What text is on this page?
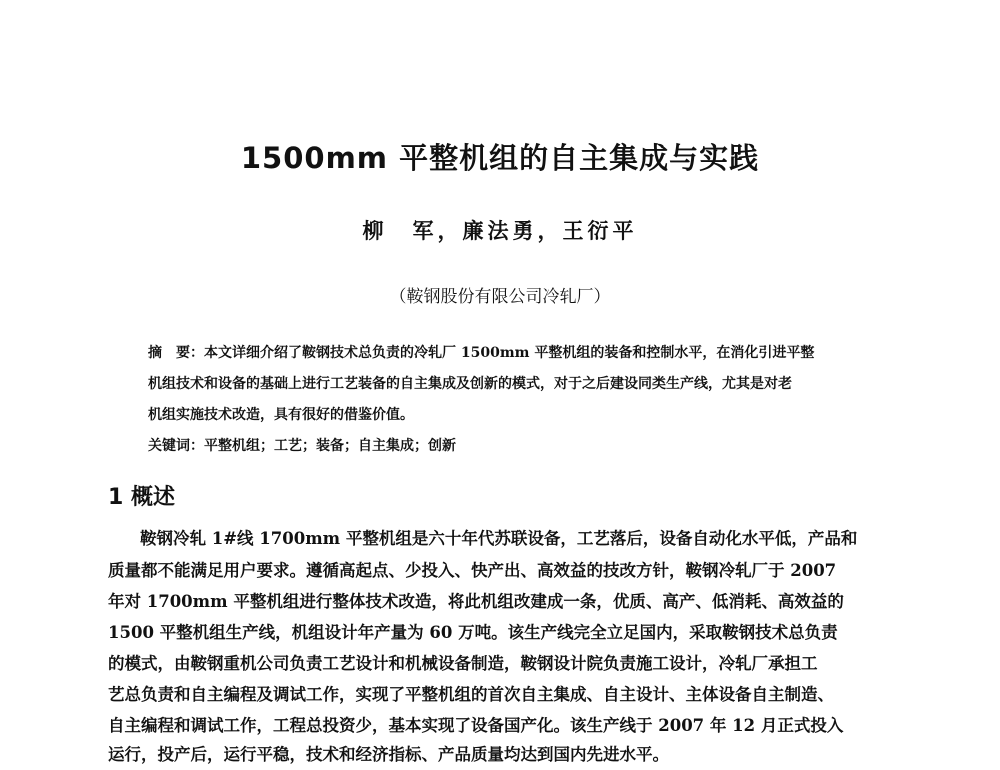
1500mm 平整机组的自主集成与实践
柳　军，廉法勇，王衍平
（鞍钢股份有限公司冷轧厂）
摘　要：本文详细介绍了鞍钢技术总负责的冷轧厂 1500mm 平整机组的装备和控制水平，在消化引进平整
机组技术和设备的基础上进行工艺装备的自主集成及创新的模式，对于之后建设同类生产线，尤其是对老
机组实施技术改造，具有很好的借鉴价值。
关键词：平整机组；工艺；装备；自主集成；创新
1 概述
鞍钢冷轧 1#线 1700mm 平整机组是六十年代苏联设备，工艺落后，设备自动化水平低，产品和
质量都不能满足用户要求。遵循高起点、少投入、快产出、高效益的技改方针，鞍钢冷轧厂于 2007
年对 1700mm 平整机组进行整体技术改造，将此机组改建成一条，优质、高产、低消耗、高效益的
1500 平整机组生产线，机组设计年产量为 60 万吨。该生产线完全立足国内，采取鞍钢技术总负责
的模式，由鞍钢重机公司负责工艺设计和机械设备制造，鞍钢设计院负责施工设计，冷轧厂承担工
艺总负责和自主编程及调试工作，实现了平整机组的首次自主集成、自主设计、主体设备自主制造、
自主编程和调试工作，工程总投资少，基本实现了设备国产化。该生产线于 2007 年 12 月正式投入
运行，投产后，运行平稳，技术和经济指标、产品质量均达到国内先进水平。
